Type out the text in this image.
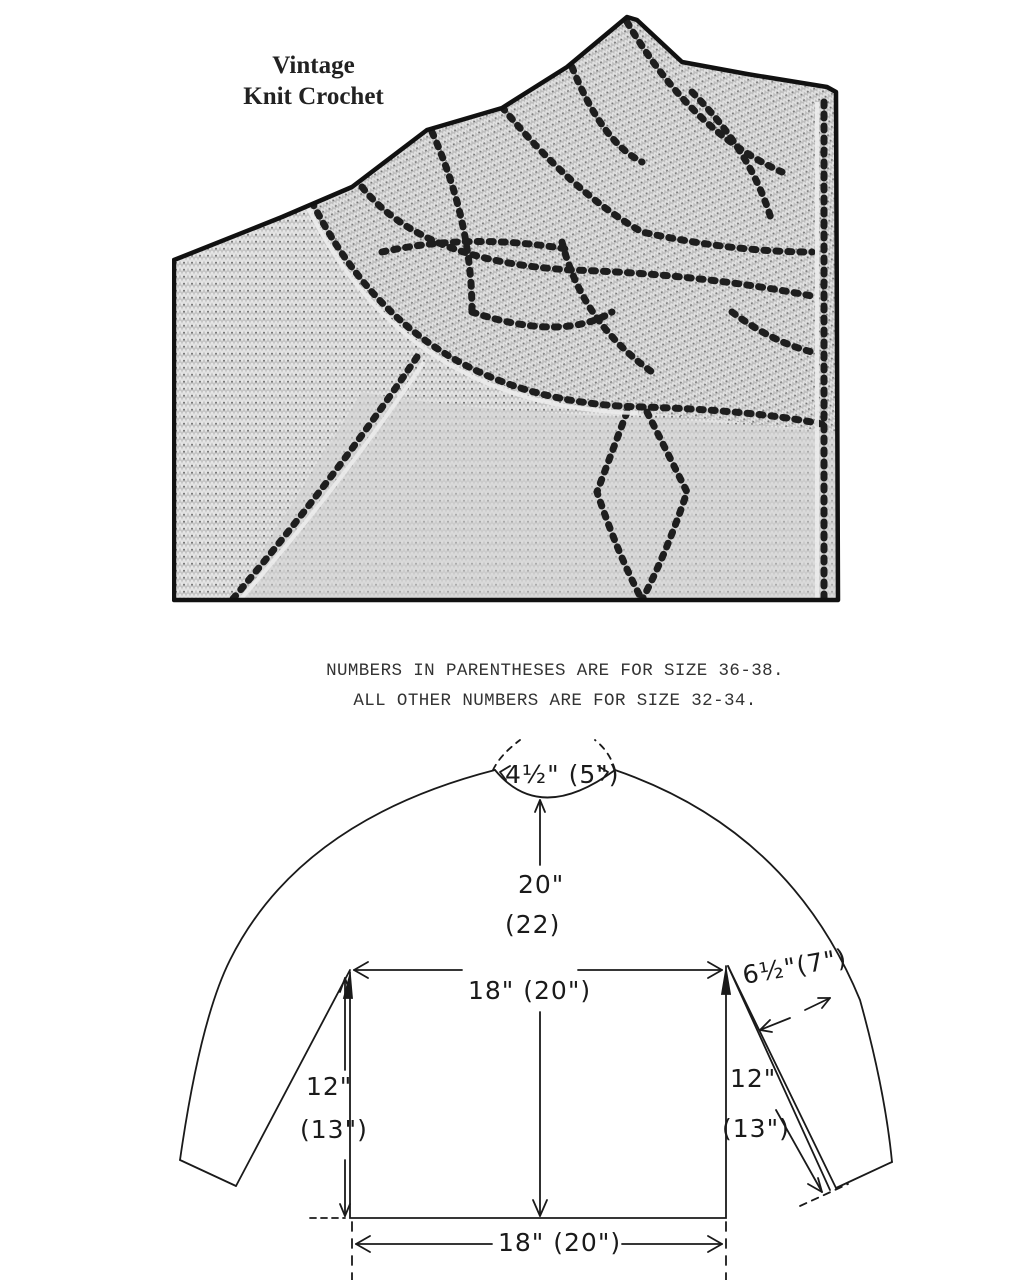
Vintage
Knit Crochet
NUMBERS IN PARENTHESES ARE FOR SIZE 36-38.
ALL OTHER NUMBERS ARE FOR SIZE 32-34.
4½" (5")
20"
(22)
18" (20")
6½"(7")
12"
(13")
12"
(13")
18" (20")
